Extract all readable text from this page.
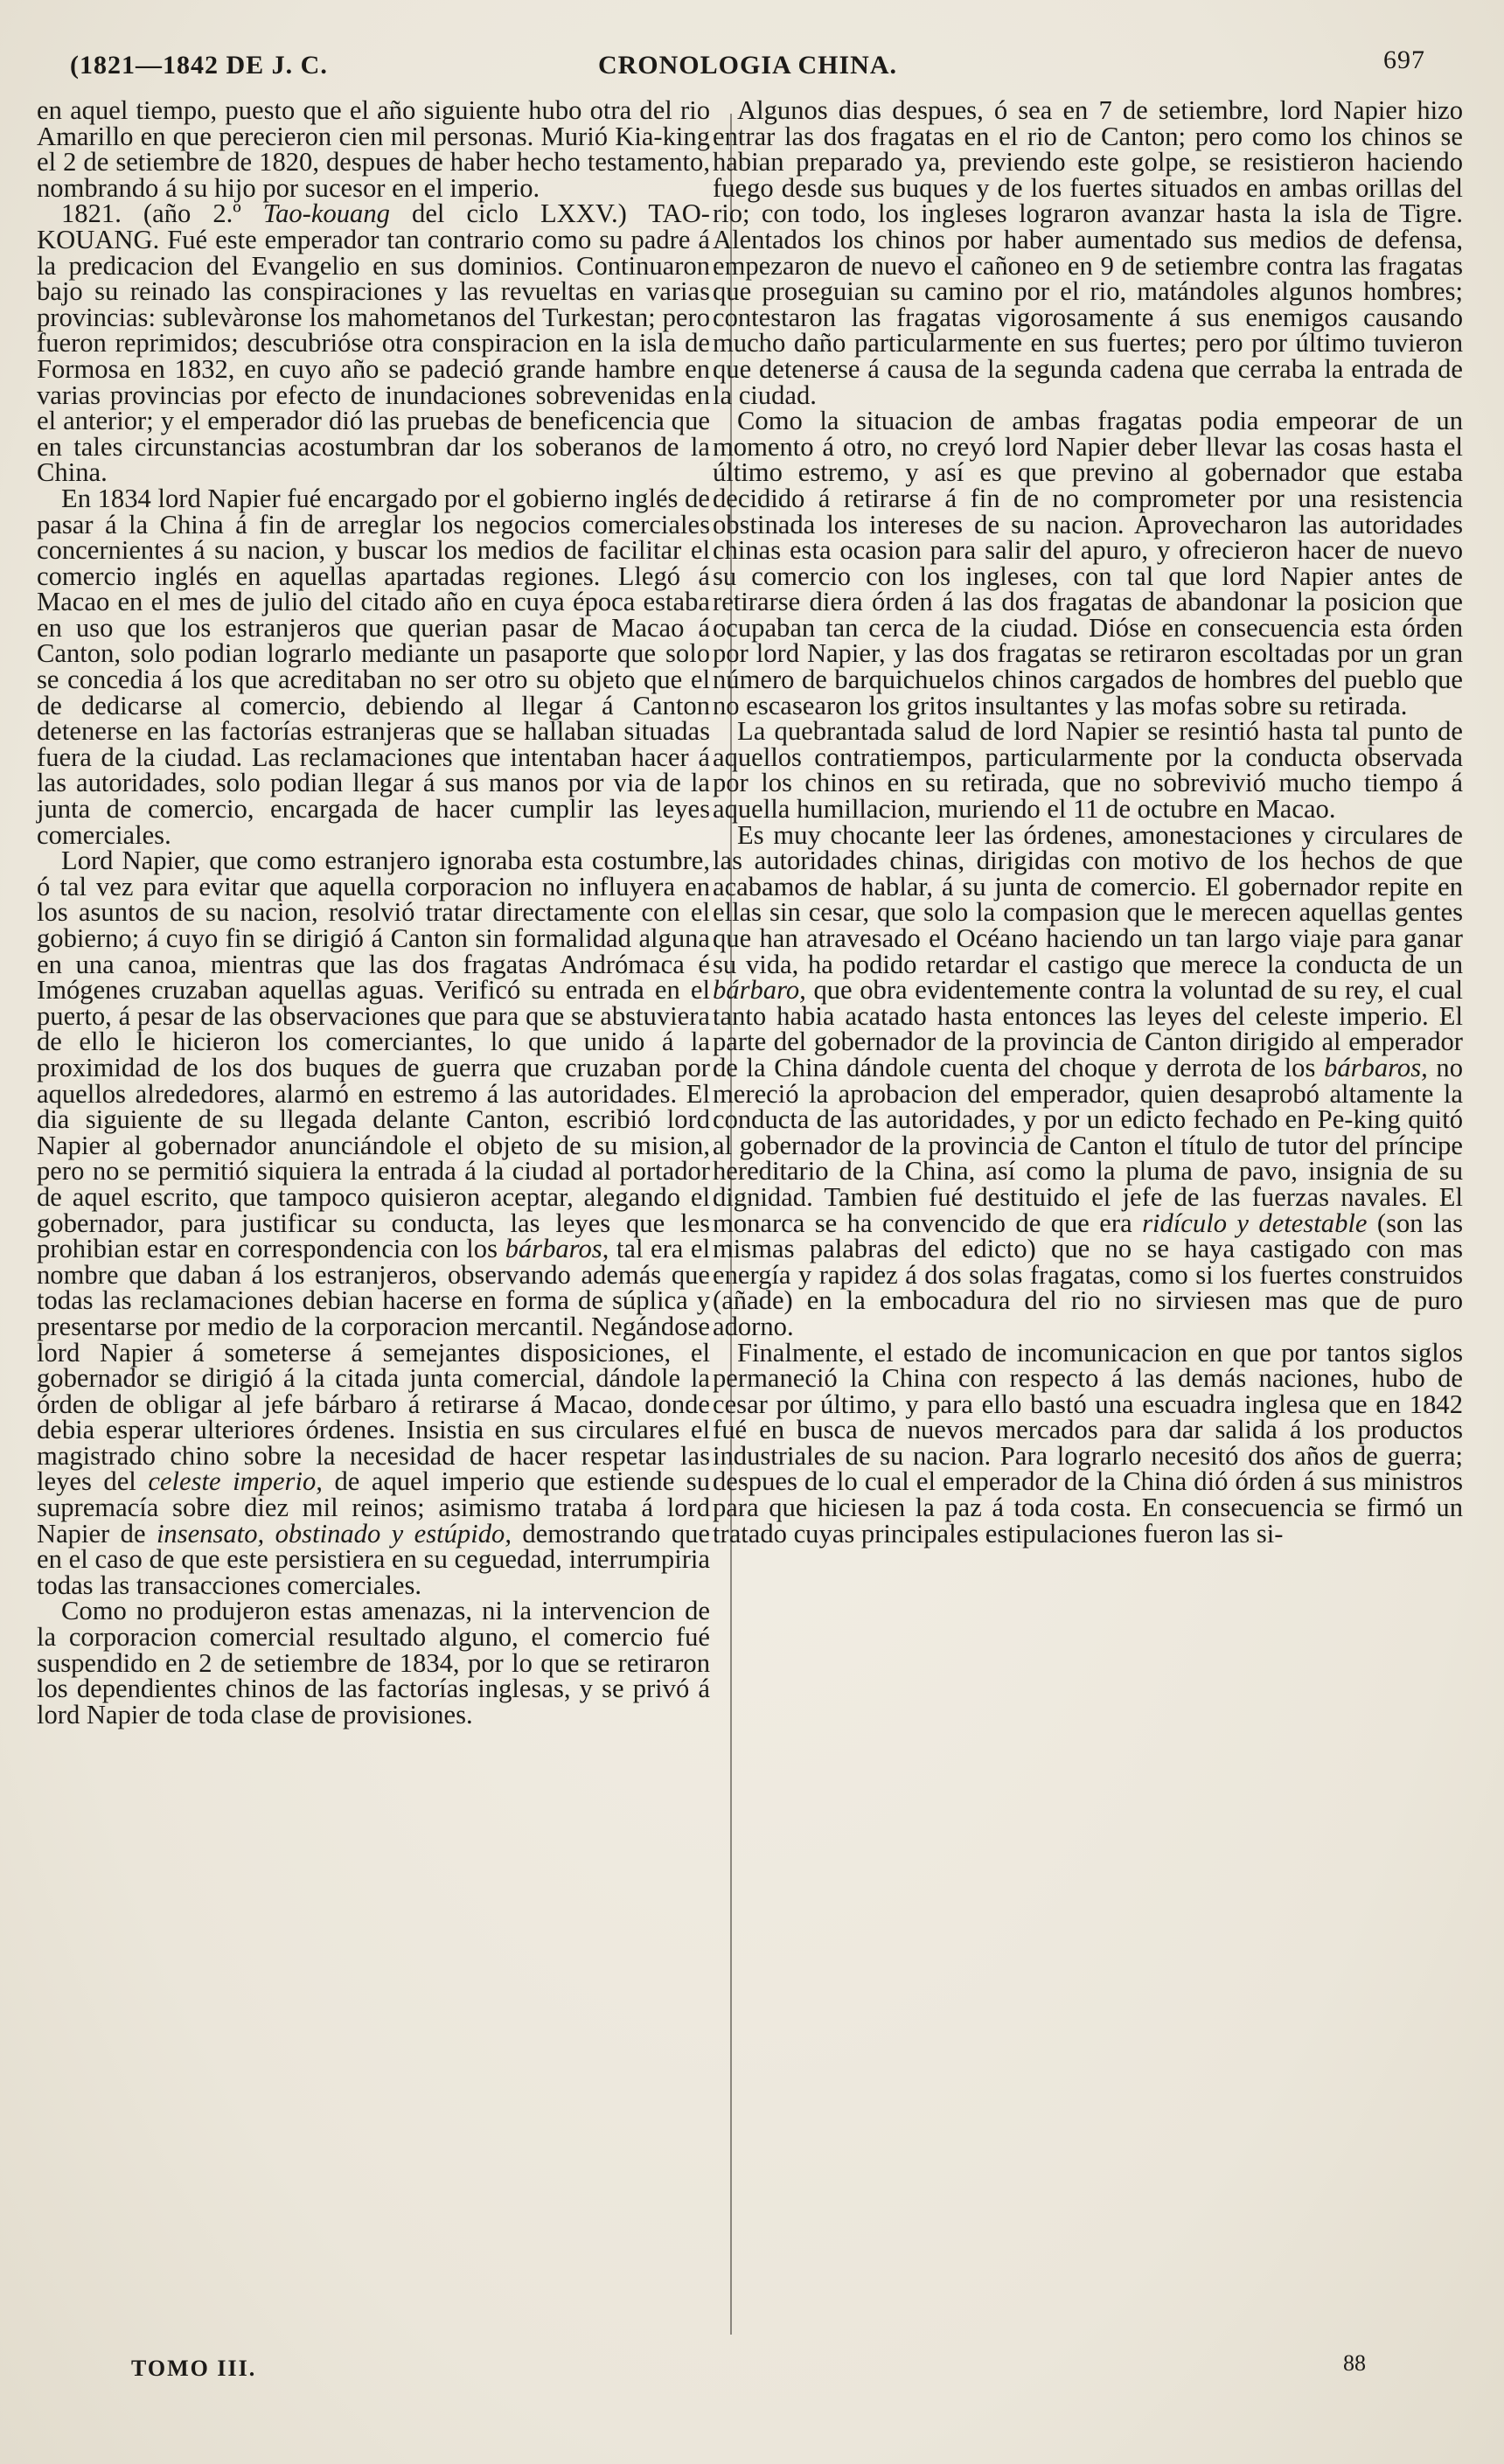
(1821—1842 DE J. C.	CRONOLOGIA CHINA.	697

en aquel tiempo, puesto que el año siguiente hubo otra del rio Amarillo en que perecieron cien mil personas. Murió Kia-king el 2 de setiembre de 1820, despues de haber hecho testamento, nombrando á su hijo por sucesor en el imperio.

1821. (año 2.º Tao-kouang del ciclo LXXV.) TAO-KOUANG. Fué este emperador tan contrario como su padre á la predicacion del Evangelio en sus dominios. Continuaron bajo su reinado las conspiraciones y las revueltas en varias provincias: sublevàronse los mahometanos del Turkestan; pero fueron reprimidos; descubrióse otra conspiracion en la isla de Formosa en 1832, en cuyo año se padeció grande hambre en varias provincias por efecto de inundaciones sobrevenidas en el anterior; y el emperador dió las pruebas de beneficencia que en tales circunstancias acostumbran dar los soberanos de la China.

En 1834 lord Napier fué encargado por el gobierno inglés de pasar á la China á fin de arreglar los negocios comerciales concernientes á su nacion, y buscar los medios de facilitar el comercio inglés en aquellas apartadas regiones. Llegó á Macao en el mes de julio del citado año en cuya época estaba en uso que los estranjeros que querian pasar de Macao á Canton, solo podian lograrlo mediante un pasaporte que solo se concedia á los que acreditaban no ser otro su objeto que el de dedicarse al comercio, debiendo al llegar á Canton detenerse en las factorías estranjeras que se hallaban situadas fuera de la ciudad. Las reclamaciones que intentaban hacer á las autoridades, solo podian llegar á sus manos por via de la junta de comercio, encargada de hacer cumplir las leyes comerciales.

Lord Napier, que como estranjero ignoraba esta costumbre, ó tal vez para evitar que aquella corporacion no influyera en los asuntos de su nacion, resolvió tratar directamente con el gobierno; á cuyo fin se dirigió á Canton sin formalidad alguna en una canoa, mientras que las dos fragatas Andrómaca é Imógenes cruzaban aquellas aguas. Verificó su entrada en el puerto, á pesar de las observaciones que para que se abstuviera de ello le hicieron los comerciantes, lo que unido á la proximidad de los dos buques de guerra que cruzaban por aquellos alrededores, alarmó en estremo á las autoridades. El dia siguiente de su llegada delante Canton, escribió lord Napier al gobernador anunciándole el objeto de su mision, pero no se permitió siquiera la entrada á la ciudad al portador de aquel escrito, que tampoco quisieron aceptar, alegando el gobernador, para justificar su conducta, las leyes que les prohibian estar en correspondencia con los bárbaros, tal era el nombre que daban á los estranjeros, observando además que todas las reclamaciones debian hacerse en forma de súplica y presentarse por medio de la corporacion mercantil. Negándose lord Napier á someterse á semejantes disposiciones, el gobernador se dirigió á la citada junta comercial, dándole la órden de obligar al jefe bárbaro á retirarse á Macao, donde debia esperar ulteriores órdenes. Insistia en sus circulares el magistrado chino sobre la necesidad de hacer respetar las leyes del celeste imperio, de aquel imperio que estiende su supremacía sobre diez mil reinos; asimismo trataba á lord Napier de insensato, obstinado y estúpido, demostrando que en el caso de que este persistiera en su ceguedad, interrumpiria todas las transacciones comerciales.

Como no produjeron estas amenazas, ni la intervencion de la corporacion comercial resultado alguno, el comercio fué suspendido en 2 de setiembre de 1834, por lo que se retiraron los dependientes chinos de las factorías inglesas, y se privó á lord Napier de toda clase de provisiones.

Algunos dias despues, ó sea en 7 de setiembre, lord Napier hizo entrar las dos fragatas en el rio de Canton; pero como los chinos se habian preparado ya, previendo este golpe, se resistieron haciendo fuego desde sus buques y de los fuertes situados en ambas orillas del rio; con todo, los ingleses lograron avanzar hasta la isla de Tigre. Alentados los chinos por haber aumentado sus medios de defensa, empezaron de nuevo el cañoneo en 9 de setiembre contra las fragatas que proseguian su camino por el rio, matándoles algunos hombres; contestaron las fragatas vigorosamente á sus enemigos causando mucho daño particularmente en sus fuertes; pero por último tuvieron que detenerse á causa de la segunda cadena que cerraba la entrada de la ciudad.

Como la situacion de ambas fragatas podia empeorar de un momento á otro, no creyó lord Napier deber llevar las cosas hasta el último estremo, y así es que previno al gobernador que estaba decidido á retirarse á fin de no comprometer por una resistencia obstinada los intereses de su nacion. Aprovecharon las autoridades chinas esta ocasion para salir del apuro, y ofrecieron hacer de nuevo su comercio con los ingleses, con tal que lord Napier antes de retirarse diera órden á las dos fragatas de abandonar la posicion que ocupaban tan cerca de la ciudad. Dióse en consecuencia esta órden por lord Napier, y las dos fragatas se retiraron escoltadas por un gran número de barquichuelos chinos cargados de hombres del pueblo que no escasearon los gritos insultantes y las mofas sobre su retirada.

La quebrantada salud de lord Napier se resintió hasta tal punto de aquellos contratiempos, particularmente por la conducta observada por los chinos en su retirada, que no sobrevivió mucho tiempo á aquella humillacion, muriendo el 11 de octubre en Macao.

Es muy chocante leer las órdenes, amonestaciones y circulares de las autoridades chinas, dirigidas con motivo de los hechos de que acabamos de hablar, á su junta de comercio. El gobernador repite en ellas sin cesar, que solo la compasion que le merecen aquellas gentes que han atravesado el Océano haciendo un tan largo viaje para ganar su vida, ha podido retardar el castigo que merece la conducta de un bárbaro, que obra evidentemente contra la voluntad de su rey, el cual tanto habia acatado hasta entonces las leyes del celeste imperio. El parte del gobernador de la provincia de Canton dirigido al emperador de la China dándole cuenta del choque y derrota de los bárbaros, no mereció la aprobacion del emperador, quien desaprobó altamente la conducta de las autoridades, y por un edicto fechado en Pe-king quitó al gobernador de la provincia de Canton el título de tutor del príncipe hereditario de la China, así como la pluma de pavo, insignia de su dignidad. Tambien fué destituido el jefe de las fuerzas navales. El monarca se ha convencido de que era ridículo y detestable (son las mismas palabras del edicto) que no se haya castigado con mas energía y rapidez á dos solas fragatas, como si los fuertes construidos (añade) en la embocadura del rio no sirviesen mas que de puro adorno.

Finalmente, el estado de incomunicacion en que por tantos siglos permaneció la China con respecto á las demás naciones, hubo de cesar por último, y para ello bastó una escuadra inglesa que en 1842 fué en busca de nuevos mercados para dar salida á los productos industriales de su nacion. Para lograrlo necesitó dos años de guerra; despues de lo cual el emperador de la China dió órden á sus ministros para que hiciesen la paz á toda costa. En consecuencia se firmó un tratado cuyas principales estipulaciones fueron las si-

TOMO III.	88
